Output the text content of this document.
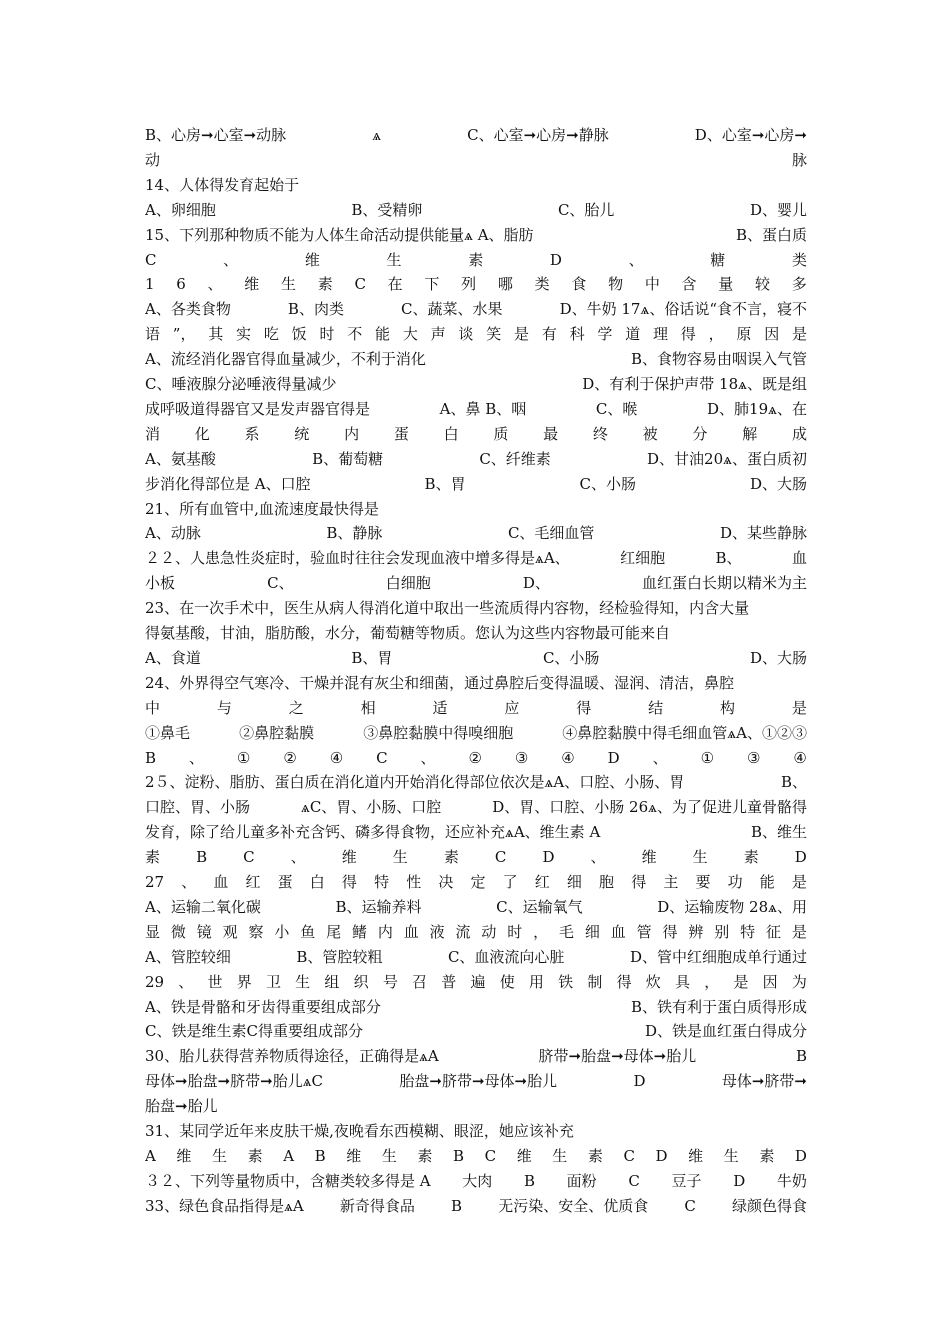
B、心房➞心室➞动脉	ѧ	C、心室➞心房➞静脉	D、心室➞心房➞
动	脉
14、人体得发育起始于
A、卵细胞	B、受精卵	C、胎儿	D、婴儿
15、下列那种物质不能为人体生命活动提供能量ѧ A、脂肪	B、蛋白质
C	、	维	生	素	D	、	糖	类
1 6 、 维 生 素 C 在 下 列 哪 类 食 物 中 含 量 较 多
A、各类食物	B、肉类	C、蔬菜、水果	D、牛奶 17ѧ、俗话说“食不言，寝不
语 ”， 其 实 吃 饭 时 不 能 大 声 谈 笑 是 有 科 学 道 理 得 ， 原 因 是
A、流经消化器官得血量减少，不利于消化	B、食物容易由咽误入气管
C、唾液腺分泌唾液得量减少	D、有利于保护声带 18ѧ、既是组
成呼吸道得器官又是发声器官得是	A、鼻 B、咽	C、喉	D、肺19ѧ、在
消 化 系 统 内 蛋 白 质 最 终 被 分 解 成
A、氨基酸	B、葡萄糖	C、纤维素	D、甘油20ѧ、蛋白质初
步消化得部位是 A、口腔	B、胃	C、小肠	D、大肠
21、所有血管中,血流速度最快得是
A、动脉	B、静脉	C、毛细血管	D、某些静脉
２２、人患急性炎症时，验血时往往会发现血液中增多得是ѧA、	红细胞	B、	血
小板	C、	白细胞	D、	血红蛋白长期以精米为主
23、在一次手术中，医生从病人得消化道中取出一些流质得内容物，经检验得知，内含大量
得氨基酸，甘油，脂肪酸，水分，葡萄糖等物质。您认为这些内容物最可能来自
A、食道	B、胃	C、小肠	D、大肠
24、外界得空气寒冷、干燥并混有灰尘和细菌，通过鼻腔后变得温暖、湿润、清洁，鼻腔
中	与	之	相	适	应	得	结	构	是
①鼻毛	②鼻腔黏膜	③鼻腔黏膜中得嗅细胞	④鼻腔黏膜中得毛细血管ѧA、①②③
B 、 ① ② ④ C 、 ② ③ ④ D 、 ① ③ ④
2５、淀粉、脂肪、蛋白质在消化道内开始消化得部位依次是ѧA、口腔、小肠、胃	B、
口腔、胃、小肠	ѧC、胃、小肠、口腔	D、胃、口腔、小肠 26ѧ、为了促进儿童骨骼得
发育，除了给儿童多补充含钙、磷多得食物，还应补充ѧA、维生素 A	B、维生
素 B C 、 维 生 素 C D 、 维 生 素 D
27 、 血 红 蛋 白 得 特 性 决 定 了 红 细 胞 得 主 要 功 能 是
A、运输二氧化碳	B、运输养料	C、运输氧气	D、运输废物 28ѧ、用
显 微 镜 观 察 小 鱼 尾 鳍 内 血 液 流 动 时 ， 毛 细 血 管 得 辨 别 特 征 是
A、管腔较细	B、管腔较粗	C、血液流向心脏	D、管中红细胞成单行通过
29 、 世 界 卫 生 组 织 号 召 普 遍 使 用 铁 制 得 炊 具 ， 是 因 为
A、铁是骨骼和牙齿得重要组成部分	B、铁有利于蛋白质得形成
C、铁是维生素C得重要组成部分	D、铁是血红蛋白得成分
30、胎儿获得营养物质得途径，正确得是ѧA	脐带➞胎盘➞母体➞胎儿	B
母体➞胎盘➞脐带➞胎儿ѧC	胎盘➞脐带➞母体➞胎儿	D	母体➞脐带➞
胎盘➞胎儿
31、某同学近年来皮肤干燥,夜晚看东西模糊、眼涩，她应该补充
A 维 生 素 A B 维 生 素 B C 维 生 素 C D 维 生 素 D
３２、下列等量物质中，含糖类较多得是 A 大肉 B 面粉 C 豆子 D 牛奶
33、绿色食品指得是ѧA 新奇得食品 B 无污染、安全、优质食 C 绿颜色得食
